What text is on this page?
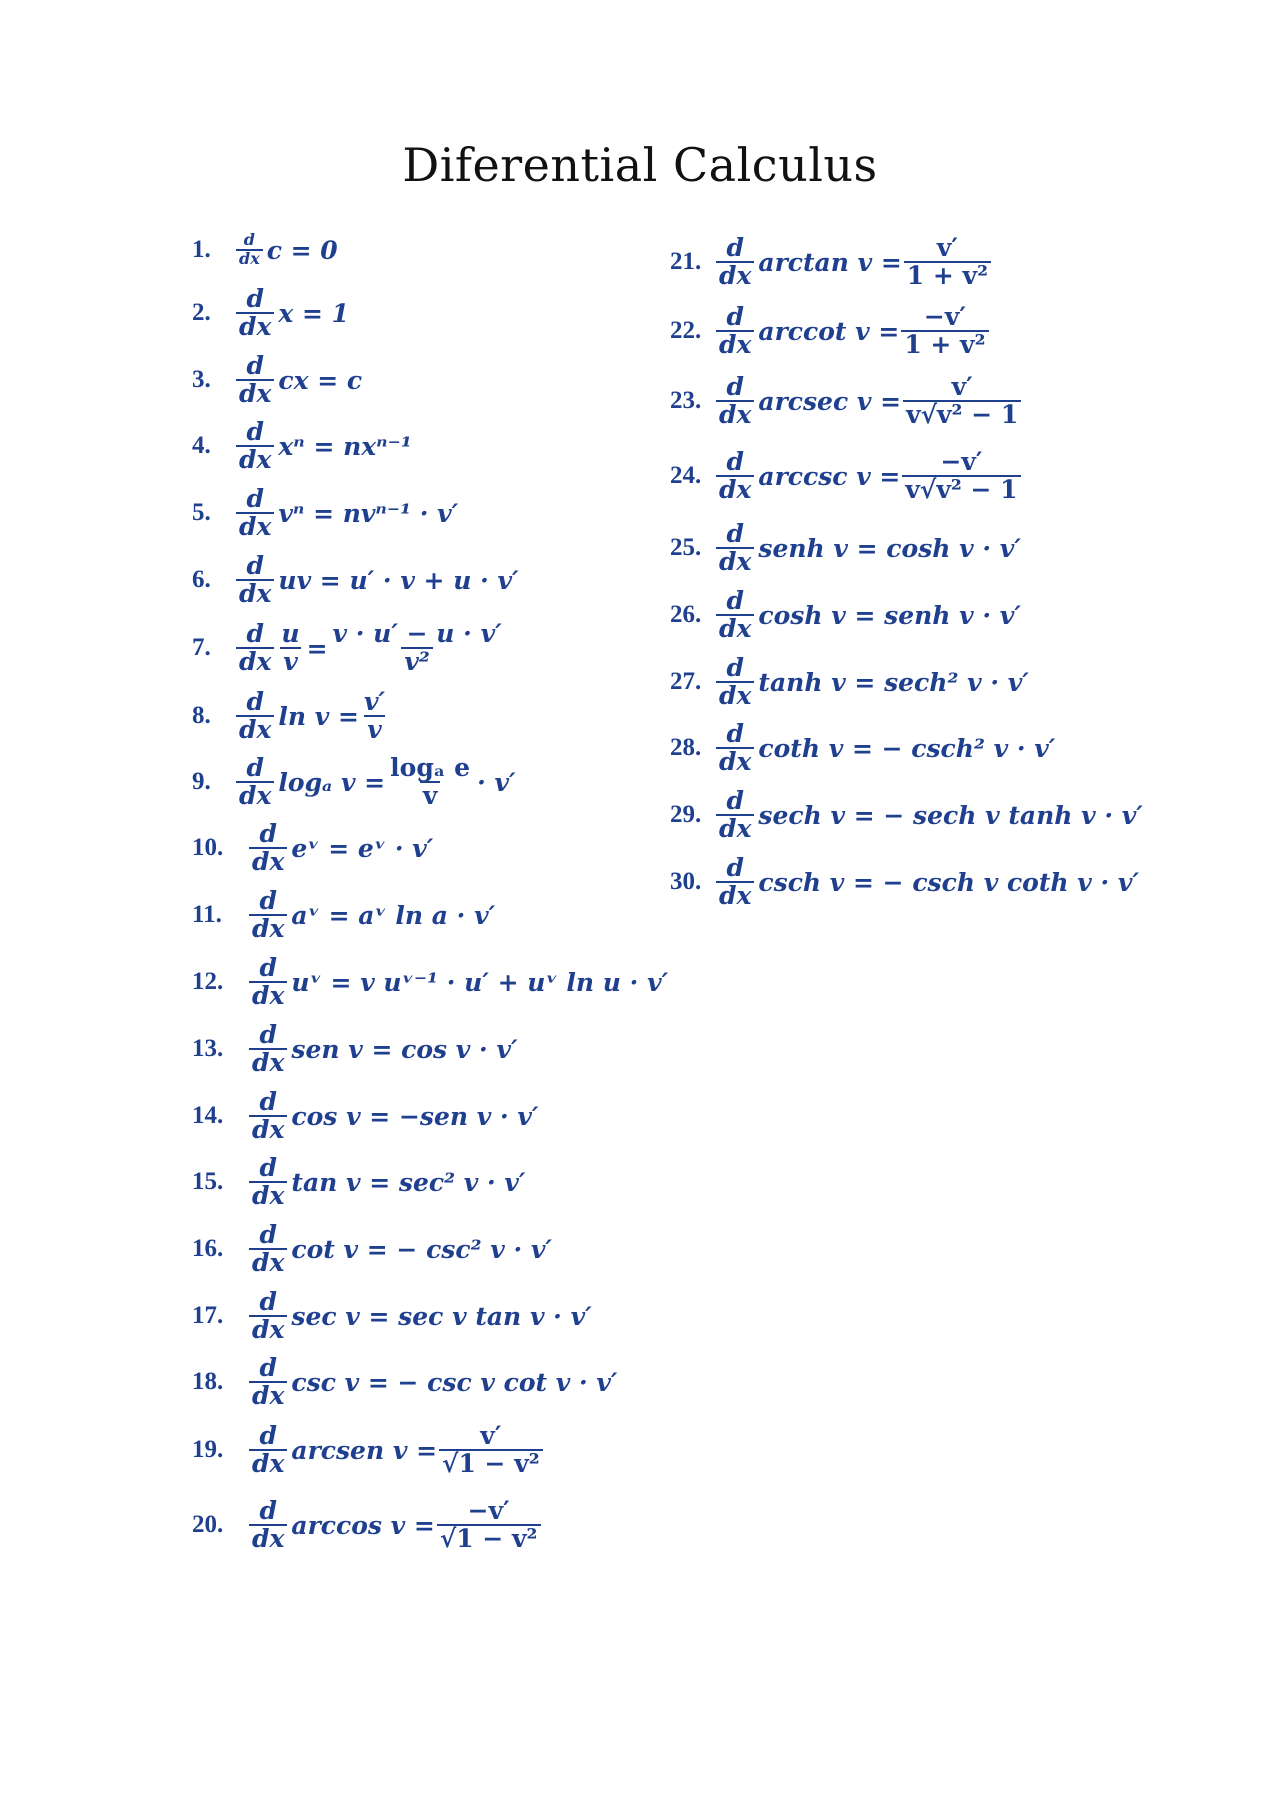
Diferential Calculus
1.	$\frac{d}{dx}$ c = 0
2.	$\frac{d}{dx}$ x = 1
3.	$\frac{d}{dx}$ cx = c
4.	$\frac{d}{dx}$ xⁿ = nxⁿ⁻¹
5.	$\frac{d}{dx}$ vⁿ = nvⁿ⁻¹ · v′
6.	$\frac{d}{dx}$ uv = u′ · v + u · v′
7.	$\frac{d}{dx} \frac{u}{v} = \frac{v \cdot u' - u \cdot v'}{\text{v²}}$
8.	$\frac{d}{dx}$ $\ln v = \frac{v'}{v}$
9.	$\frac{d}{dx}$ logₐ $v = \frac{\text{logₐ e}}{v} \cdot v'$
10.	$\frac{d}{dx}$ eᵛ = eᵛ · v′
11.	$\frac{d}{dx}$ aᵛ = aᵛ ln a · v′
12.	$\frac{d}{dx}$ uᵛ = v uᵛ⁻¹ · u′ + uᵛ ln u · v′
13.	$\frac{d}{dx}$ sen v = cos v · v′
14.	$\frac{d}{dx}$ cos v = −sen v · v′
15.	$\frac{d}{dx}$ tan v = sec² v · v′
16.	$\frac{d}{dx}$ cot v = − csc² v · v′
17.	$\frac{d}{dx}$ sec v = sec v tan v · v′
18.	$\frac{d}{dx}$ csc v = − csc v cot v · v′
19.	$\frac{d}{dx}$ arcsen $v = \frac{v'}{\text{√1 − v²}}$
20.	$\frac{d}{dx}$ $\arccos v = \frac{-v'}{\text{√1 − v²}}$
21. $\frac{d}{dx}$ $\arctan v = \frac{v'}{\text{1 + v²}}$
22. $\frac{d}{dx}$ arccot $v = \frac{-v'}{\text{1 + v²}}$
23. $\frac{d}{dx}$ arcsec $v = \frac{v'}{\text{v√v² − 1}}$
24. $\frac{d}{dx}$ arccsc $v = \frac{-v'}{\text{v√v² − 1}}$
25. $\frac{d}{dx}$ senh v = cosh v · v′
26. $\frac{d}{dx}$ cosh v = senh v · v′
27. $\frac{d}{dx}$ tanh v = sech² v · v′
28. $\frac{d}{dx}$ coth v = − csch² v · v′
29. $\frac{d}{dx}$ sech v = − sech v tanh v · v′
30. $\frac{d}{dx}$ csch v = − csch v coth v · v′
